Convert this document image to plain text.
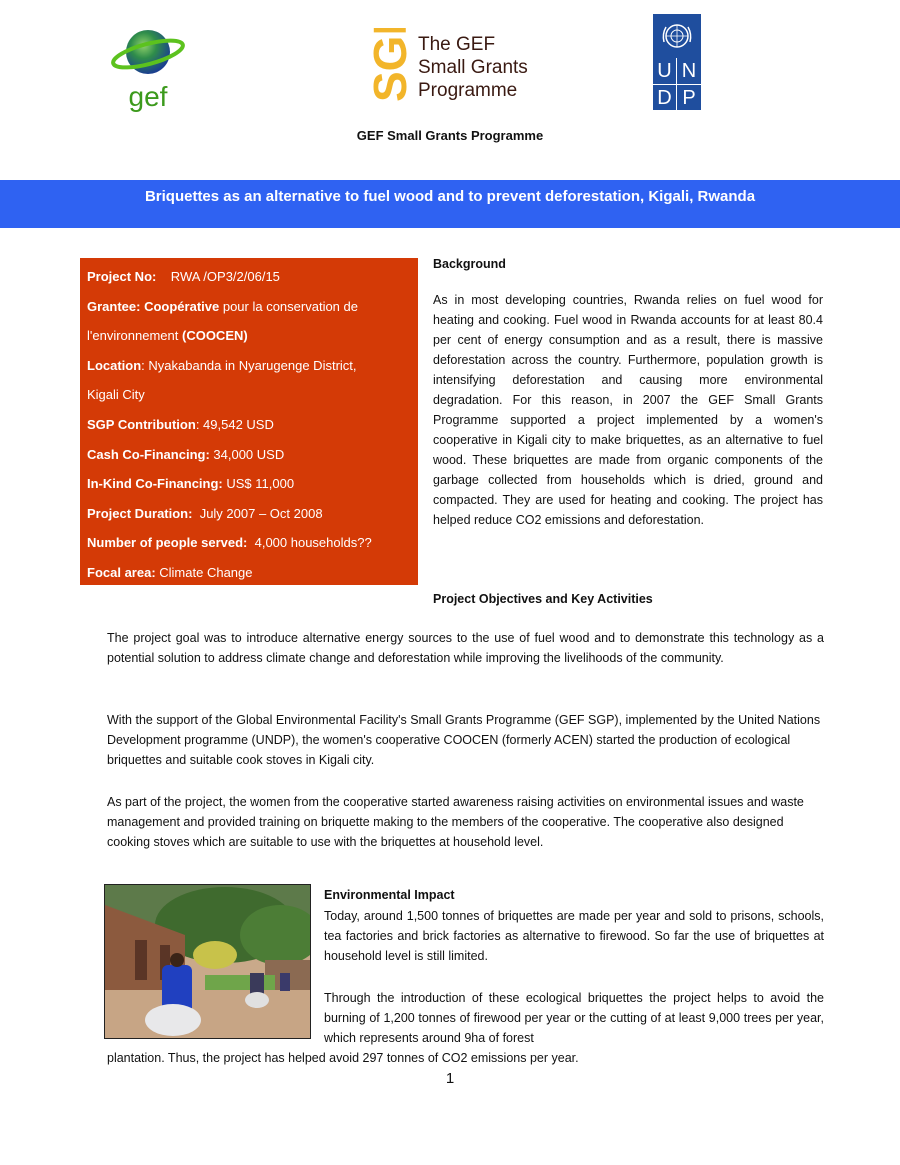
gef	SGP The GEF
Small Grants
Programme
U N
D P
GEF Small Grants Programme
Briquettes as an alternative to fuel wood and to prevent deforestation, Kigali, Rwanda
Project No: RWA /OP3/2/06/15
Grantee: Coopérative pour la conservation de
l'environnement (COOCEN)
Location: Nyakabanda in Nyarugenge District,
Kigali City
SGP Contribution: 49,542 USD
Cash Co-Financing: 34,000 USD
In-Kind Co-Financing: US$ 11,000
Project Duration:  July 2007 – Oct 2008
Number of people served:  4,000 households??
Focal area: Climate Change
Background
As in most developing countries, Rwanda relies on fuel wood for heating and cooking. Fuel wood in Rwanda accounts for at least 80.4 per cent of energy consumption and as a result, there is massive deforestation across the country. Furthermore, population growth is intensifying deforestation and causing more environmental degradation. For this reason, in 2007 the GEF Small Grants Programme supported a project implemented by a women's cooperative in Kigali city to make briquettes, as an alternative to fuel wood. These briquettes are made from organic components of the garbage collected from households which is dried, ground and compacted. They are used for heating and cooking. The project has helped reduce CO2 emissions and deforestation.
Project Objectives and Key Activities
The project goal was to introduce alternative energy sources to the use of fuel wood and to demonstrate this technology as a potential solution to address climate change and deforestation while improving the livelihoods of the community.
With the support of the Global Environmental Facility's Small Grants Programme (GEF SGP), implemented by the United Nations Development programme (UNDP), the women's cooperative COOCEN (formerly ACEN) started the production of ecological briquettes and suitable cook stoves in Kigali city.
As part of the project, the women from the cooperative started awareness raising activities on environmental issues and waste management and provided training on briquette making to the members of the cooperative. The cooperative also designed cooking stoves which are suitable to use with the briquettes at household level.
Environmental Impact
Today, around 1,500 tonnes of briquettes are made per year and sold to prisons, schools, tea factories and brick factories as alternative to firewood. So far the use of briquettes at household level is still limited.
Through the introduction of these ecological briquettes the project helps to avoid the burning of 1,200 tonnes of firewood per year or the cutting of at least 9,000 trees per year, which represents around 9ha of forest
plantation. Thus, the project has helped avoid 297 tonnes of CO2 emissions per year.
1
